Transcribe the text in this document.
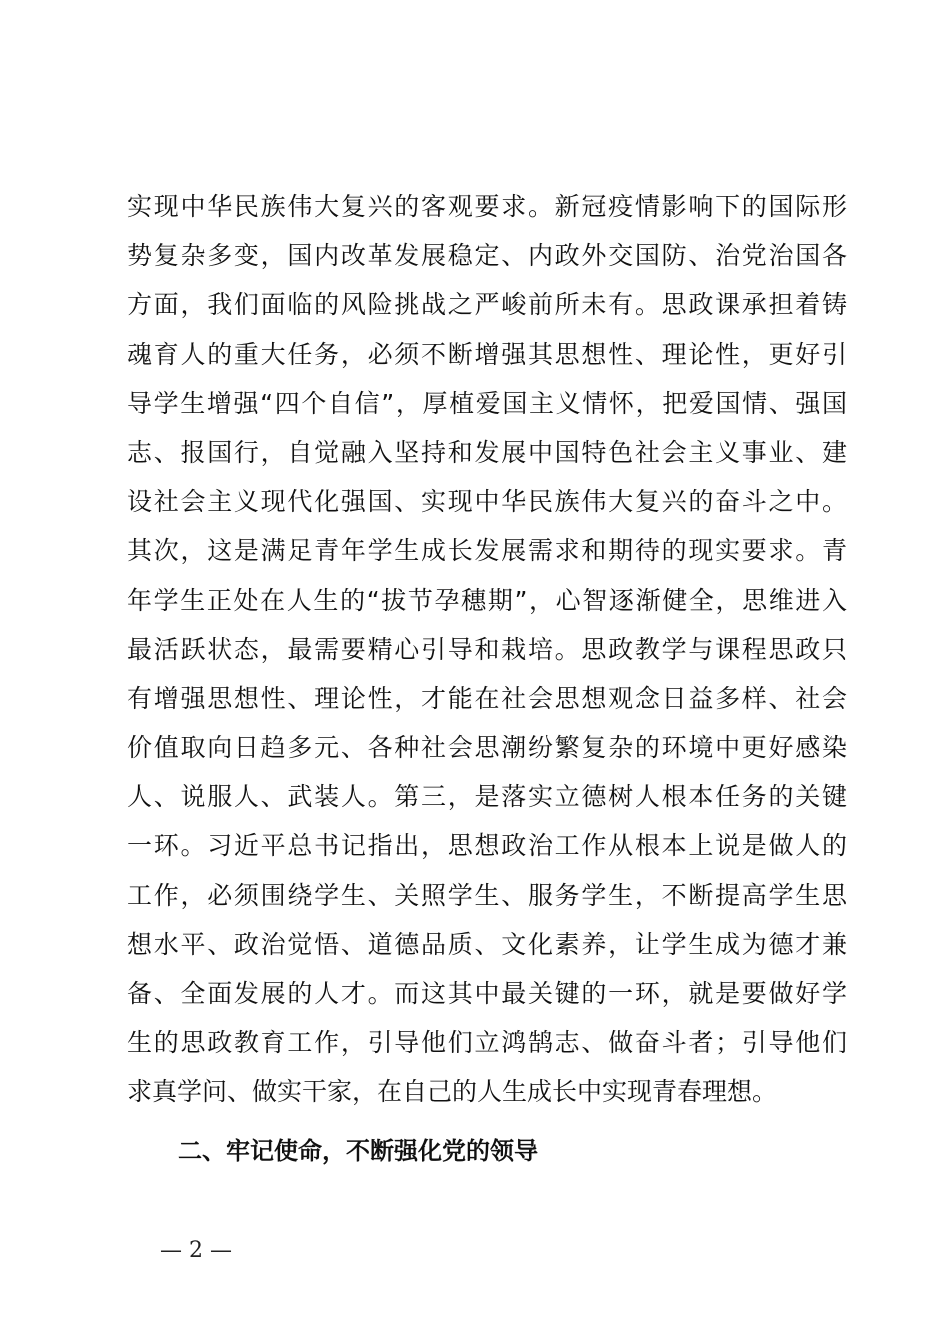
实现中华民族伟大复兴的客观要求。新冠疫情影响下的国际形
势复杂多变，国内改革发展稳定、内政外交国防、治党治国各
方面，我们面临的风险挑战之严峻前所未有。思政课承担着铸
魂育人的重大任务，必须不断增强其思想性、理论性，更好引
导学生增强“四个自信”，厚植爱国主义情怀，把爱国情、强国
志、报国行，自觉融入坚持和发展中国特色社会主义事业、建
设社会主义现代化强国、实现中华民族伟大复兴的奋斗之中。
其次，这是满足青年学生成长发展需求和期待的现实要求。青
年学生正处在人生的“拔节孕穗期”，心智逐渐健全，思维进入
最活跃状态，最需要精心引导和栽培。思政教学与课程思政只
有增强思想性、理论性，才能在社会思想观念日益多样、社会
价值取向日趋多元、各种社会思潮纷繁复杂的环境中更好感染
人、说服人、武装人。第三，是落实立德树人根本任务的关键
一环。习近平总书记指出，思想政治工作从根本上说是做人的
工作，必须围绕学生、关照学生、服务学生，不断提高学生思
想水平、政治觉悟、道德品质、文化素养，让学生成为德才兼
备、全面发展的人才。而这其中最关键的一环，就是要做好学
生的思政教育工作，引导他们立鸿鹄志、做奋斗者；引导他们
求真学问、做实干家，在自己的人生成长中实现青春理想。
二、牢记使命，不断强化党的领导
— 2 —
